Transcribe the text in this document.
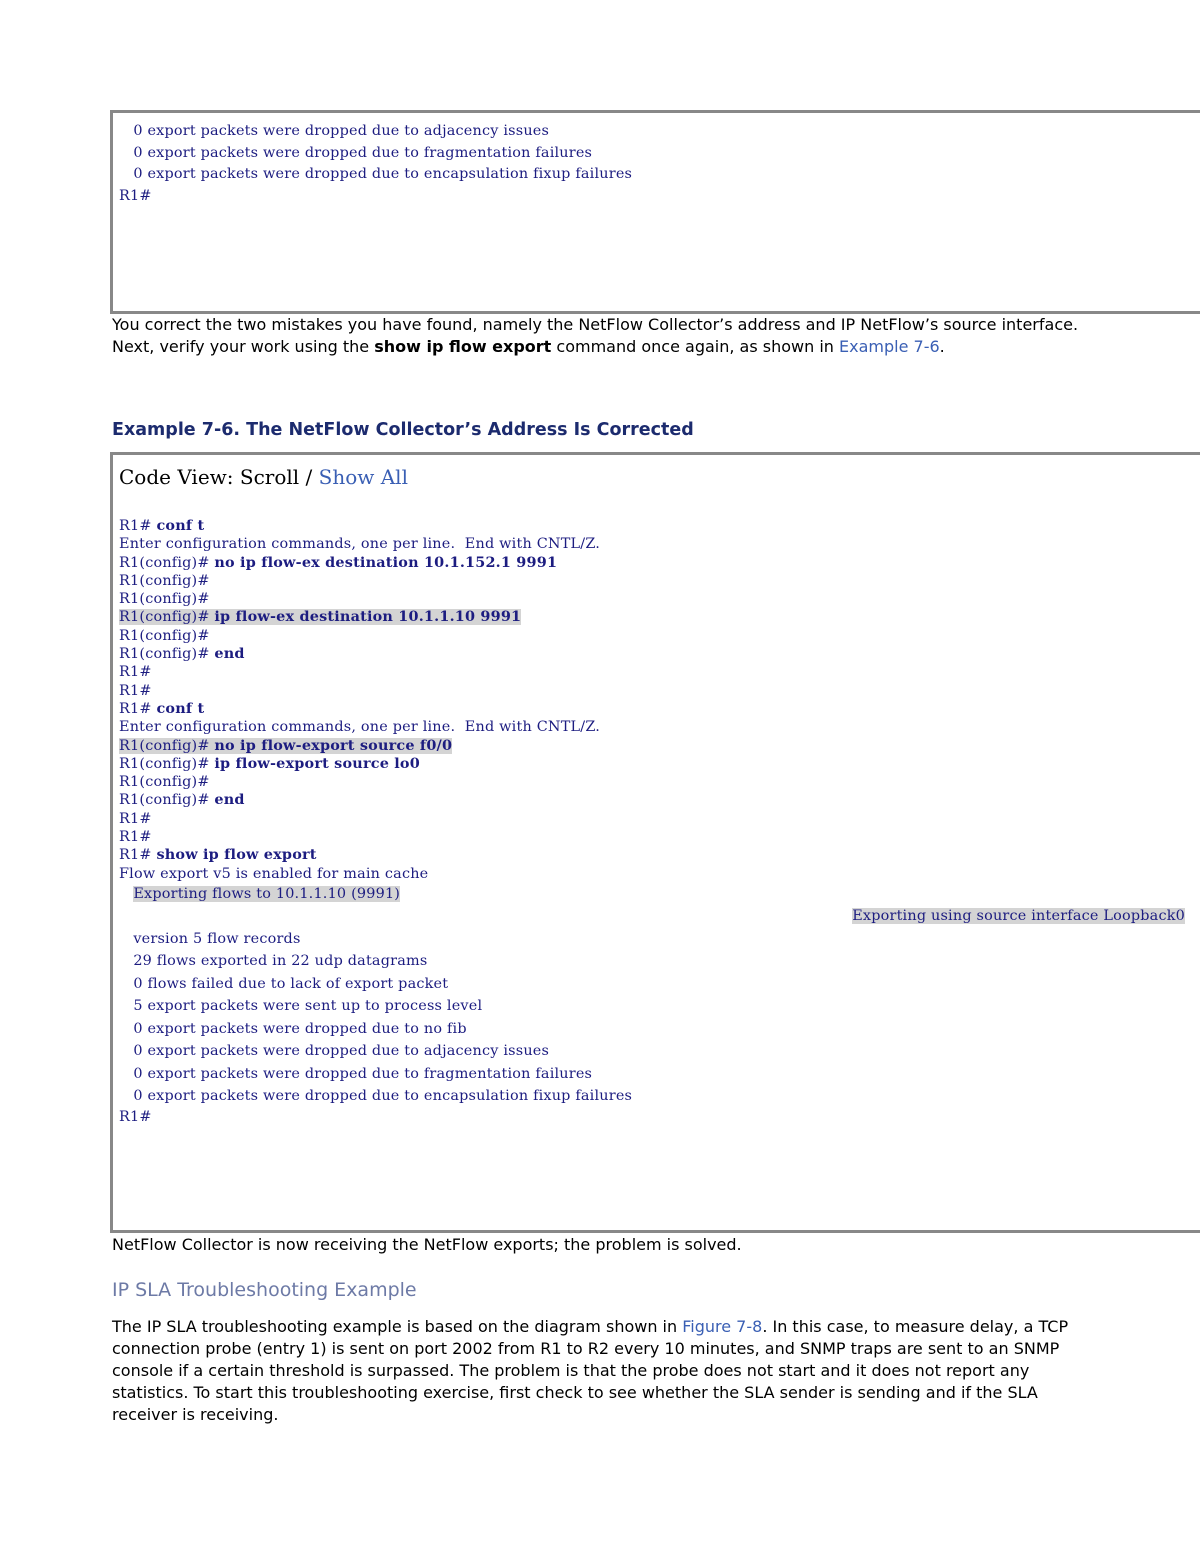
0 export packets were dropped due to adjacency issues
0 export packets were dropped due to fragmentation failures
0 export packets were dropped due to encapsulation fixup failures
R1#

You correct the two mistakes you have found, namely the NetFlow Collector’s address and IP NetFlow’s source interface. Next, verify your work using the show ip flow export command once again, as shown in Example 7-6.

Example 7-6. The NetFlow Collector’s Address Is Corrected
Code View: Scroll / Show All
R1# conf t
Enter configuration commands, one per line.  End with CNTL/Z.
R1(config)# no ip flow-ex destination 10.1.152.1 9991
R1(config)#
R1(config)#
R1(config)# ip flow-ex destination 10.1.1.10 9991
R1(config)#
R1(config)# end
R1#
R1#
R1# conf t
Enter configuration commands, one per line.  End with CNTL/Z.
R1(config)# no ip flow-export source f0/0
R1(config)# ip flow-export source lo0
R1(config)#
R1(config)# end
R1#
R1#
R1# show ip flow export
Flow export v5 is enabled for main cache
Exporting flows to 10.1.1.10 (9991)
Exporting using source interface Loopback0
version 5 flow records
29 flows exported in 22 udp datagrams
0 flows failed due to lack of export packet
5 export packets were sent up to process level
0 export packets were dropped due to no fib
0 export packets were dropped due to adjacency issues
0 export packets were dropped due to fragmentation failures
0 export packets were dropped due to encapsulation fixup failures
R1#

NetFlow Collector is now receiving the NetFlow exports; the problem is solved.

IP SLA Troubleshooting Example

The IP SLA troubleshooting example is based on the diagram shown in Figure 7-8. In this case, to measure delay, a TCP connection probe (entry 1) is sent on port 2002 from R1 to R2 every 10 minutes, and SNMP traps are sent to an SNMP console if a certain threshold is surpassed. The problem is that the probe does not start and it does not report any statistics. To start this troubleshooting exercise, first check to see whether the SLA sender is sending and if the SLA receiver is receiving.
